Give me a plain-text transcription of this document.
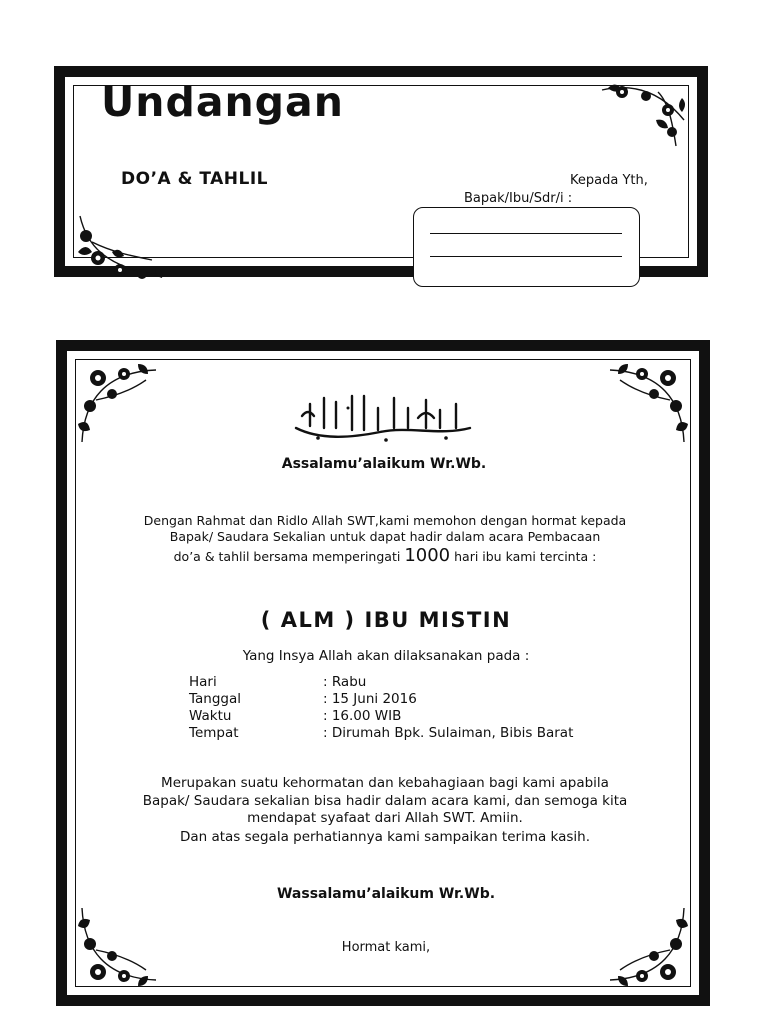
Undangan
DO’A & TAHLIL	Kepada Yth,
Bapak/Ibu/Sdr/i :
Assalamu’alaikum Wr.Wb.
Dengan Rahmat dan Ridlo Allah SWT,kami memohon dengan hormat kepada
Bapak/ Saudara Sekalian untuk dapat hadir dalam acara Pembacaan
do’a & tahlil bersama memperingati 1000 hari ibu kami tercinta :
( ALM ) IBU MISTIN
Yang Insya Allah akan dilaksanakan pada :
Hari	: Rabu
Tanggal	: 15 Juni 2016
Waktu	: 16.00 WIB
Tempat	: Dirumah Bpk. Sulaiman, Bibis Barat
Merupakan suatu kehormatan dan kebahagiaan bagi kami apabila
Bapak/ Saudara sekalian bisa hadir dalam acara kami, dan semoga kita
mendapat syafaat dari Allah SWT. Amiin.
Dan atas segala perhatiannya kami sampaikan terima kasih.
Wassalamu’alaikum Wr.Wb.
Hormat kami,
